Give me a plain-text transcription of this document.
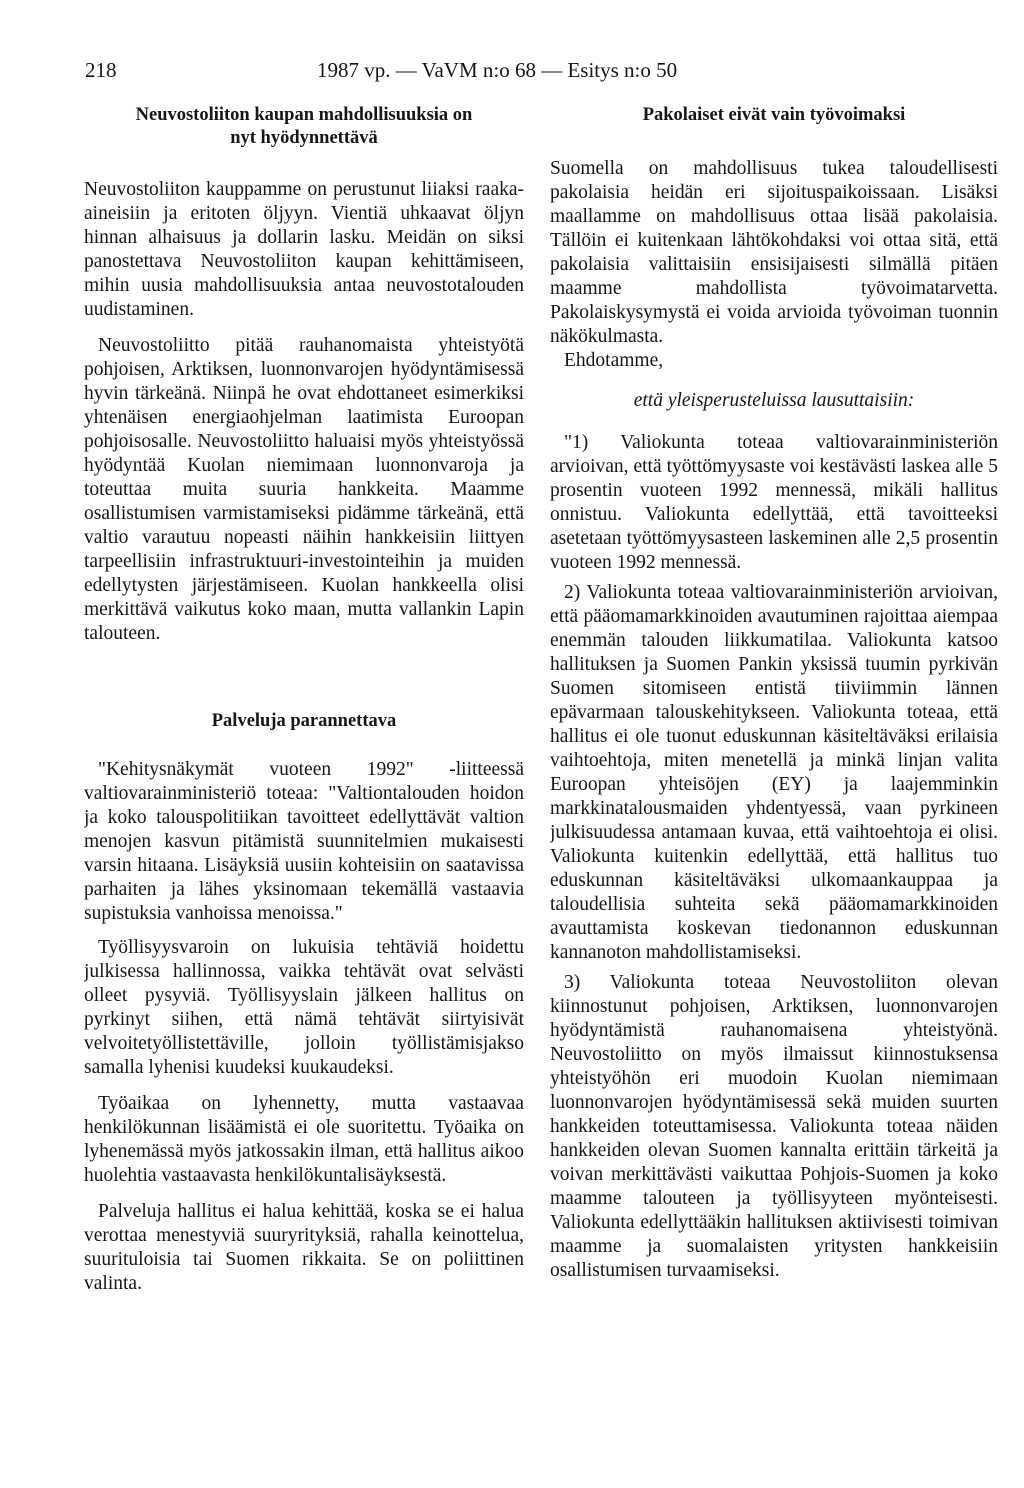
218	1987 vp. — VaVM n:o 68 — Esitys n:o 50
Neuvostoliiton kaupan mahdollisuuksia on nyt hyödynnettävä

Neuvostoliiton kauppamme on perustunut liiaksi raaka-aineisiin ja eritoten öljyyn. Vientiä uhkaavat öljyn hinnan alhaisuus ja dollarin lasku. Meidän on siksi panostettava Neuvostoliiton kaupan kehittämiseen, mihin uusia mahdollisuuksia antaa neuvostotalouden uudistaminen.

Neuvostoliitto pitää rauhanomaista yhteistyötä pohjoisen, Arktiksen, luonnonvarojen hyödyntämisessä hyvin tärkeänä. Niinpä he ovat ehdottaneet esimerkiksi yhtenäisen energiaohjelman laatimista Euroopan pohjoisosalle. Neuvostoliitto haluaisi myös yhteistyössä hyödyntää Kuolan niemimaan luonnonvaroja ja toteuttaa muita suuria hankkeita. Maamme osallistumisen varmistamiseksi pidämme tärkeänä, että valtio varautuu nopeasti näihin hankkeisiin liittyen tarpeellisiin infrastruktuuri-investointeihin ja muiden edellytysten järjestämiseen. Kuolan hankkeella olisi merkittävä vaikutus koko maan, mutta vallankin Lapin talouteen.

Palveluja parannettava

"Kehitysnäkymät vuoteen 1992" -liitteessä valtiovarainministeriö toteaa: "Valtiontalouden hoidon ja koko talouspolitiikan tavoitteet edellyttävät valtion menojen kasvun pitämistä suunnitelmien mukaisesti varsin hitaana. Lisäyksiä uusiin kohteisiin on saatavissa parhaiten ja lähes yksinomaan tekemällä vastaavia supistuksia vanhoissa menoissa."

Työllisyysvaroin on lukuisia tehtäviä hoidettu julkisessa hallinnossa, vaikka tehtävät ovat selvästi olleet pysyviä. Työllisyyslain jälkeen hallitus on pyrkinyt siihen, että nämä tehtävät siirtyisivät velvoitetyöllistettäville, jolloin työllistämisjakso samalla lyhenisi kuudeksi kuukaudeksi.

Työaikaa on lyhennetty, mutta vastaavaa henkilökunnan lisäämistä ei ole suoritettu. Työaika on lyhenemässä myös jatkossakin ilman, että hallitus aikoo huolehtia vastaavasta henkilökuntalisäyksestä.

Palveluja hallitus ei halua kehittää, koska se ei halua verottaa menestyviä suuryrityksiä, rahalla keinottelua, suurituloisia tai Suomen rikkaita. Se on poliittinen valinta.

Pakolaiset eivät vain työvoimaksi

Suomella on mahdollisuus tukea taloudellisesti pakolaisia heidän eri sijoituspaikoissaan. Lisäksi maallamme on mahdollisuus ottaa lisää pakolaisia. Tällöin ei kuitenkaan lähtökohdaksi voi ottaa sitä, että pakolaisia valittaisiin ensisijaisesti silmällä pitäen maamme mahdollista työvoimatarvetta. Pakolaiskysymystä ei voida arvioida työvoiman tuonnin näkökulmasta.

Ehdotamme,

että yleisperusteluissa lausuttaisiin:

"1) Valiokunta toteaa valtiovarainministeriön arvioivan, että työttömyysaste voi kestävästi laskea alle 5 prosentin vuoteen 1992 mennessä, mikäli hallitus onnistuu. Valiokunta edellyttää, että tavoitteeksi asetetaan työttömyysasteen laskeminen alle 2,5 prosentin vuoteen 1992 mennessä.

2) Valiokunta toteaa valtiovarainministeriön arvioivan, että pääomamarkkinoiden avautuminen rajoittaa aiempaa enemmän talouden liikkumatilaa. Valiokunta katsoo hallituksen ja Suomen Pankin yksissä tuumin pyrkivän Suomen sitomiseen entistä tiiviimmin lännen epävarmaan talouskehitykseen. Valiokunta toteaa, että hallitus ei ole tuonut eduskunnan käsiteltäväksi erilaisia vaihtoehtoja, miten menetellä ja minkä linjan valita Euroopan yhteisöjen (EY) ja laajemminkin markkinatalousmaiden yhdentyessä, vaan pyrkineen julkisuudessa antamaan kuvaa, että vaihtoehtoja ei olisi. Valiokunta kuitenkin edellyttää, että hallitus tuo eduskunnan käsiteltäväksi ulkomaankauppaa ja taloudellisia suhteita sekä pääomamarkkinoiden avauttamista koskevan tiedonannon eduskunnan kannanoton mahdollistamiseksi.

3) Valiokunta toteaa Neuvostoliiton olevan kiinnostunut pohjoisen, Arktiksen, luonnonvarojen hyödyntämistä rauhanomaisena yhteistyönä. Neuvostoliitto on myös ilmaissut kiinnostuksensa yhteistyöhön eri muodoin Kuolan niemimaan luonnonvarojen hyödyntämisessä sekä muiden suurten hankkeiden toteuttamisessa. Valiokunta toteaa näiden hankkeiden olevan Suomen kannalta erittäin tärkeitä ja voivan merkittävästi vaikuttaa Pohjois-Suomen ja koko maamme talouteen ja työllisyyteen myönteisesti. Valiokunta edellyttääkin hallituksen aktiivisesti toimivan maamme ja suomalaisten yritysten hankkeisiin osallistumisen turvaamiseksi.
